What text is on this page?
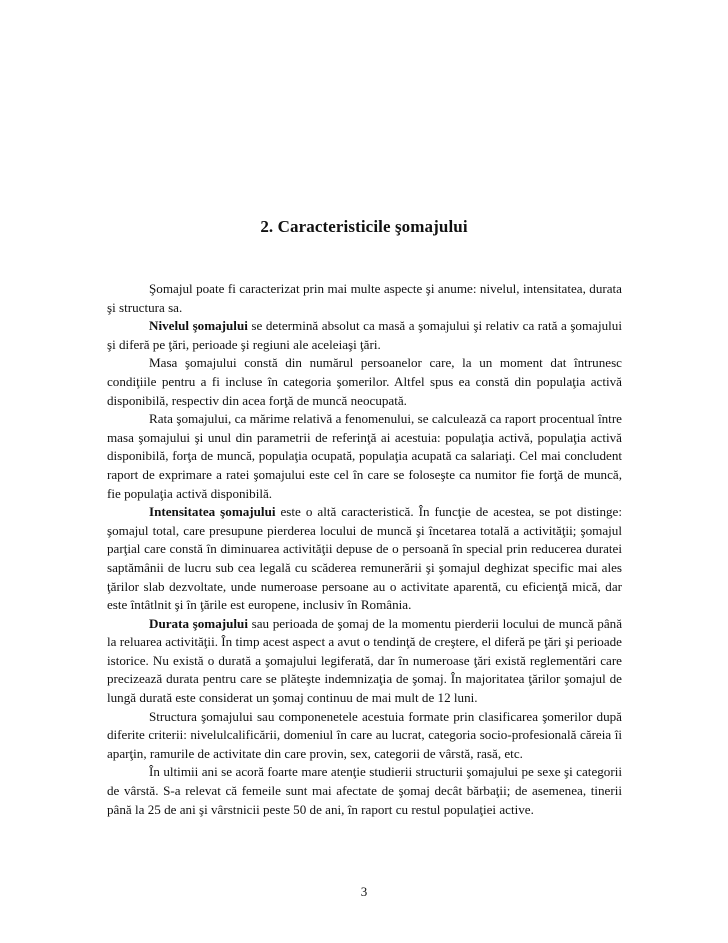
2. Caracteristicile şomajului

Şomajul poate fi caracterizat prin mai multe aspecte şi anume: nivelul, intensitatea, durata şi structura sa.

Nivelul şomajului se determină absolut ca masă a şomajului şi relativ ca rată a şomajului şi diferă pe ţări, perioade şi regiuni ale aceleiaşi ţări.

Masa şomajului constă din numărul persoanelor care, la un moment dat întrunesc condiţiile pentru a fi incluse în categoria şomerilor. Altfel spus ea constă din populaţia activă disponibilă, respectiv din acea forţă de muncă neocupată.

Rata şomajului, ca mărime relativă a fenomenului, se calculează ca raport procentual între masa şomajului şi unul din parametrii de referinţă ai acestuia: populaţia activă, populaţia activă disponibilă, forţa de muncă, populaţia ocupată, populaţia acupată ca salariaţi. Cel mai concludent raport de exprimare a ratei şomajului este cel în care se foloseşte ca numitor fie forţă de muncă, fie populaţia activă disponibilă.

Intensitatea şomajului este o altă caracteristică. În funcţie de acestea, se pot distinge: şomajul total, care presupune pierderea locului de muncă şi încetarea totală a activităţii; şomajul parţial care constă în diminuarea activităţii depuse de o persoană în special prin reducerea duratei saptămânii de lucru sub cea legală cu scăderea remunerării şi şomajul deghizat specific mai ales ţărilor slab dezvoltate, unde numeroase persoane au o activitate aparentă, cu eficienţă mică, dar este întâtlnit şi în ţările est europene, inclusiv în România.

Durata şomajului sau perioada de şomaj de la momentu pierderii locului de muncă până la reluarea activităţii. În timp acest aspect a avut o tendinţă de creştere, el diferă pe ţări şi perioade istorice. Nu există o durată a şomajului legiferată, dar în numeroase ţări există reglementări care precizează durata pentru care se plăteşte indemnizaţia de şomaj. În majoritatea ţărilor şomajul de lungă durată este considerat un şomaj continuu de mai mult de 12 luni.

Structura şomajului sau componenetele acestuia formate prin clasificarea şomerilor după diferite criterii: nivelulcalificării, domeniul în care au lucrat, categoria socio-profesională căreia îi aparţin, ramurile de activitate din care provin, sex, categorii de vârstă, rasă, etc.

În ultimii ani se acoră foarte mare atenţie studierii structurii şomajului pe sexe şi categorii de vârstă. S-a relevat că femeile sunt mai afectate de şomaj decât bărbaţii; de asemenea, tinerii până la 25 de ani şi vârstnicii peste 50 de ani, în raport cu restul populaţiei active.

3
